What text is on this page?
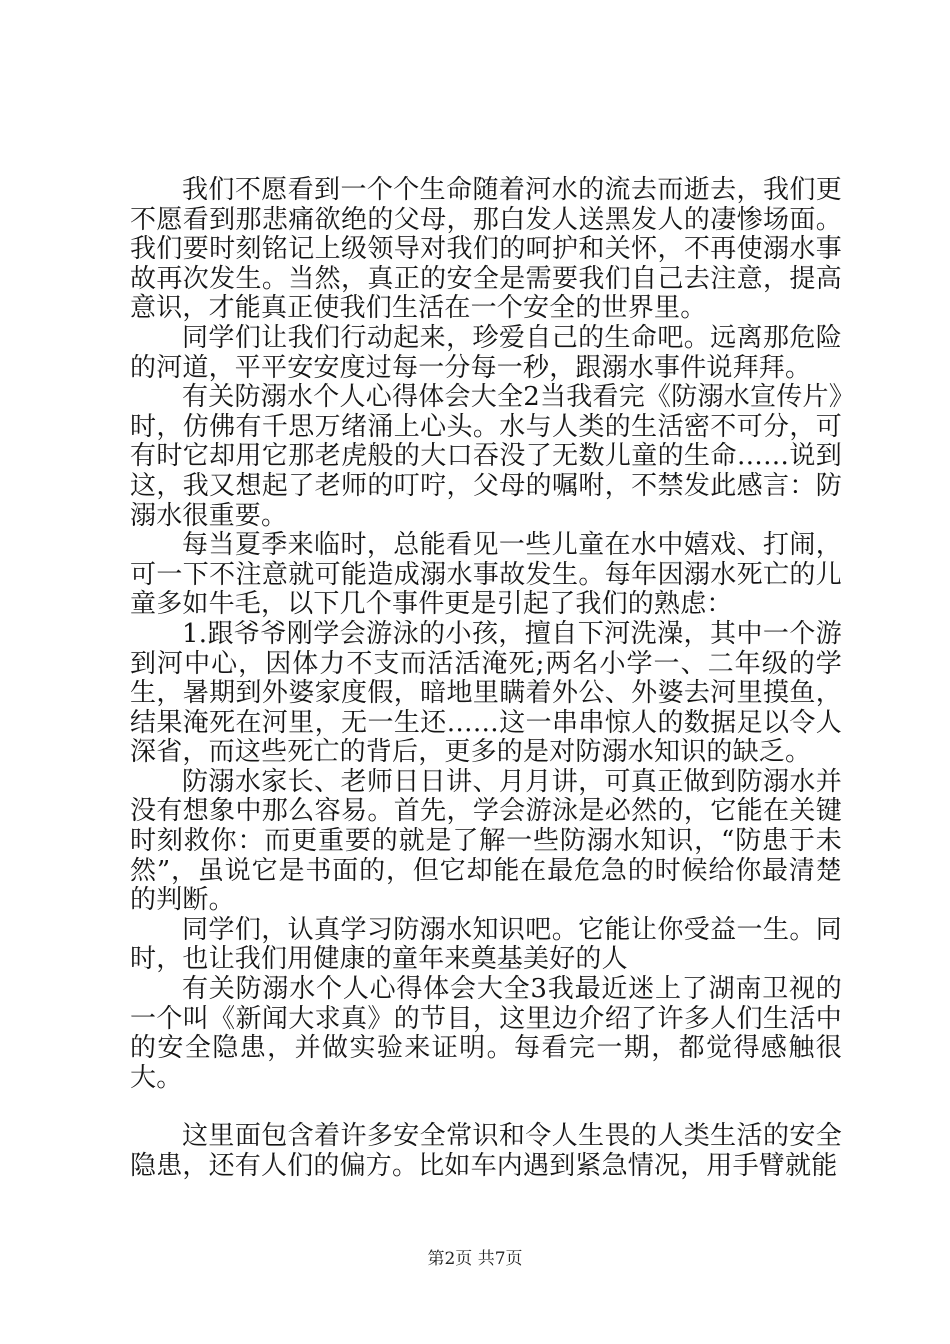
我们不愿看到一个个生命随着河水的流去而逝去，我们更不愿看到那悲痛欲绝的父母，那白发人送黑发人的凄惨场面。我们要时刻铭记上级领导对我们的呵护和关怀，不再使溺水事故再次发生。当然，真正的安全是需要我们自己去注意，提高意识，才能真正使我们生活在一个安全的世界里。

同学们让我们行动起来，珍爱自己的生命吧。远离那危险的河道，平平安安度过每一分每一秒，跟溺水事件说拜拜。

有关防溺水个人心得体会大全2当我看完《防溺水宣传片》时，仿佛有千思万绪涌上心头。水与人类的生活密不可分，可有时它却用它那老虎般的大口吞没了无数儿童的生命……说到这，我又想起了老师的叮咛，父母的嘱咐，不禁发此感言：防溺水很重要。

每当夏季来临时，总能看见一些儿童在水中嬉戏、打闹，可一下不注意就可能造成溺水事故发生。每年因溺水死亡的儿童多如牛毛，以下几个事件更是引起了我们的熟虑：

1.跟爷爷刚学会游泳的小孩，擅自下河洗澡，其中一个游到河中心，因体力不支而活活淹死;两名小学一、二年级的学生，暑期到外婆家度假，暗地里瞒着外公、外婆去河里摸鱼，结果淹死在河里，无一生还……这一串串惊人的数据足以令人深省，而这些死亡的背后，更多的是对防溺水知识的缺乏。

防溺水家长、老师日日讲、月月讲，可真正做到防溺水并没有想象中那么容易。首先，学会游泳是必然的，它能在关键时刻救你：而更重要的就是了解一些防溺水知识，“防患于未然”，虽说它是书面的，但它却能在最危急的时候给你最清楚的判断。

同学们，认真学习防溺水知识吧。它能让你受益一生。同时，也让我们用健康的童年来奠基美好的人

有关防溺水个人心得体会大全3我最近迷上了湖南卫视的一个叫《新闻大求真》的节目，这里边介绍了许多人们生活中的安全隐患，并做实验来证明。每看完一期，都觉得感触很大。

这里面包含着许多安全常识和令人生畏的人类生活的安全隐患，还有人们的偏方。比如车内遇到紧急情况，用手臂就能

第2页 共7页
